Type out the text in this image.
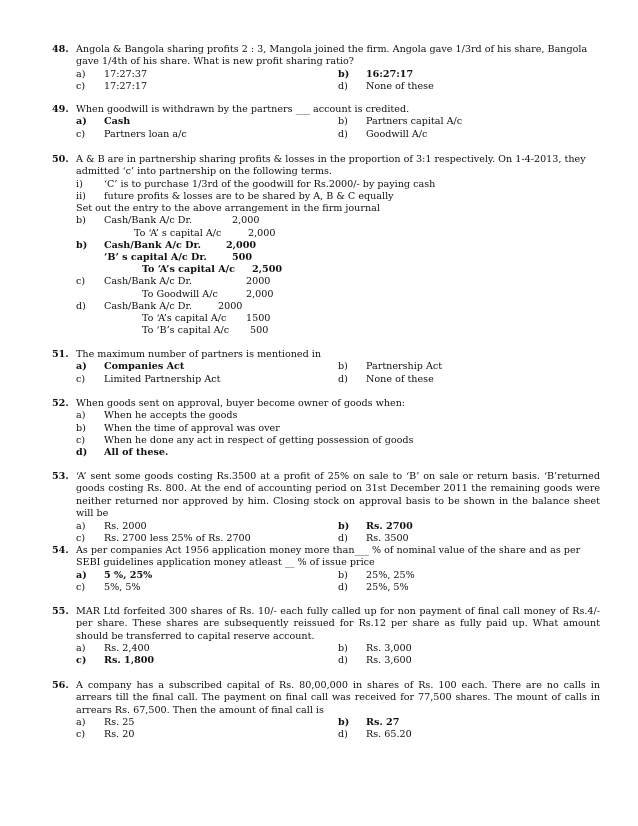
48. Angola & Bangola sharing profits 2 : 3, Mangola joined the firm. Angola gave 1/3rd of his share, Bangola gave 1/4th of his share. What is new profit sharing ratio?
a)	17:27:37	b)	16:27:17
c)	17:27:17	d)	None of these
49. When goodwill is withdrawn by the partners ___ account is credited.
a)	Cash	b)	Partners capital A/c
c)	Partners loan a/c	d)	Goodwill A/c
50. A & B are in partnership sharing profits & losses in the proportion of 3:1 respectively. On 1-4-2013, they admitted ‘c’ into partnership on the following terms.
i)	‘C’ is to purchase 1/3rd of the goodwill for Rs.2000/- by paying cash
ii)	future profits & losses are to be shared by A, B & C equally
Set out the entry to the above arrangement in the firm journal
b) Cash/Bank A/c Dr.	2,000
To ‘A’ s capital A/c	2,000
b) Cash/Bank A/c Dr.	2,000
‘B’ s capital A/c Dr.	500
To ‘A’s capital A/c 2,500
c) Cash/Bank A/c Dr.	2000
To Goodwill A/c	2,000
d) Cash/Bank A/c Dr.	2000
To ‘A’s capital A/c 1500
To ‘B’s capital A/c 500
51. The maximum number of partners is mentioned in
a)	Companies Act	b)	Partnership Act
c)	Limited Partnership Act	d)	None of these
52. When goods sent on approval, buyer become owner of goods when:
a)	When he accepts the goods
b)	When the time of approval was over
c)	When he done any act in respect of getting possession of goods
d)	All of these.
53. ‘A’ sent some goods costing Rs.3500 at a profit of 25% on sale to ‘B’ on sale or return basis. ‘B’returned goods costing Rs. 800. At the end of accounting period on 31st December 2011 the remaining goods were neither returned nor approved by him. Closing stock on approval basis to be shown in the balance sheet will be
a)	Rs. 2000	b)	Rs. 2700
c)	Rs. 2700 less 25% of Rs. 2700	d)	Rs. 3500
54. As per companies Act 1956 application money more than___ % of nominal value of the share and as per SEBI guidelines application money atleast __ % of issue price
a)	5 %, 25%	b)	25%, 25%
c)	5%, 5%	d)	25%, 5%
55. MAR Ltd forfeited 300 shares of Rs. 10/- each fully called up for non payment of final call money of Rs.4/- per share. These shares are subsequently reissued for Rs.12 per share as fully paid up. What amount should be transferred to capital reserve account.
a)	Rs. 2,400	b)	Rs. 3,000
c)	Rs. 1,800	d)	Rs. 3,600
56. A company has a subscribed capital of Rs. 80,00,000 in shares of Rs. 100 each. There are no calls in arrears till the final call. The payment on final call was received for 77,500 shares. The mount of calls in arrears Rs. 67,500. Then the amount of final call is
a)	Rs. 25	b)	Rs. 27
c)	Rs. 20	d)	Rs. 65.20
